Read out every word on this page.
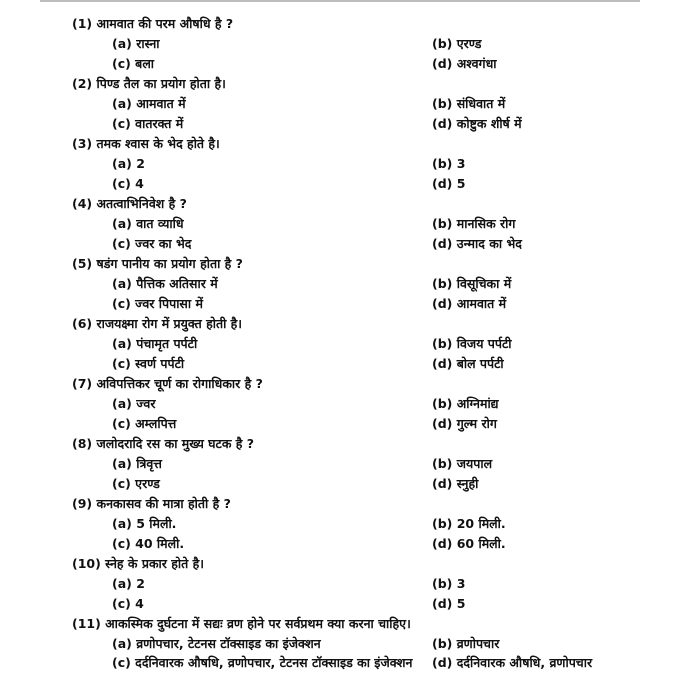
(1) आमवात की परम औषधि है ?
(a) रास्ना	(b) एरण्ड
(c) बला	(d) अश्वगंधा
(2) पिण्ड तैल का प्रयोग होता है।
(a) आमवात में	(b) संधिवात में
(c) वातरक्त में	(d) कोष्टुक शीर्ष में
(3) तमक श्वास के भेद होते है।
(a) 2	(b) 3
(c) 4	(d) 5
(4) अतत्वाभिनिवेश है ?
(a) वात व्याधि	(b) मानसिक रोग
(c) ज्वर का भेद	(d) उन्माद का भेद
(5) षडंग पानीय का प्रयोग होता है ?
(a) पैत्तिक अतिसार में	(b) विसूचिका में
(c) ज्वर पिपासा में	(d) आमवात में
(6) राजयक्ष्मा रोग में प्रयुक्त होती है।
(a) पंचामृत पर्पटी	(b) विजय पर्पटी
(c) स्वर्ण पर्पटी	(d) बोल पर्पटी
(7) अविपत्तिकर चूर्ण का रोगाधिकार है ?
(a) ज्वर	(b) अग्निमांद्य
(c) अम्लपित्त	(d) गुल्म रोग
(8) जलोदरादि रस का मुख्य घटक है ?
(a) त्रिवृत्त	(b) जयपाल
(c) एरण्ड	(d) स्नुही
(9) कनकासव की मात्रा होती है ?
(a) 5 मिली.	(b) 20 मिली.
(c) 40 मिली.	(d) 60 मिली.
(10) स्नेह के प्रकार होते है।
(a) 2	(b) 3
(c) 4	(d) 5
(11) आकस्मिक दुर्घटना में सद्यः व्रण होने पर सर्वप्रथम क्या करना चाहिए।
(a) व्रणोपचार, टेटनस टॉक्साइड का इंजेक्शन	(b) व्रणोपचार
(c) दर्दनिवारक औषधि, व्रणोपचार, टेटनस टॉक्साइड का इंजेक्शन (d) दर्दनिवारक औषधि, व्रणोपचार
